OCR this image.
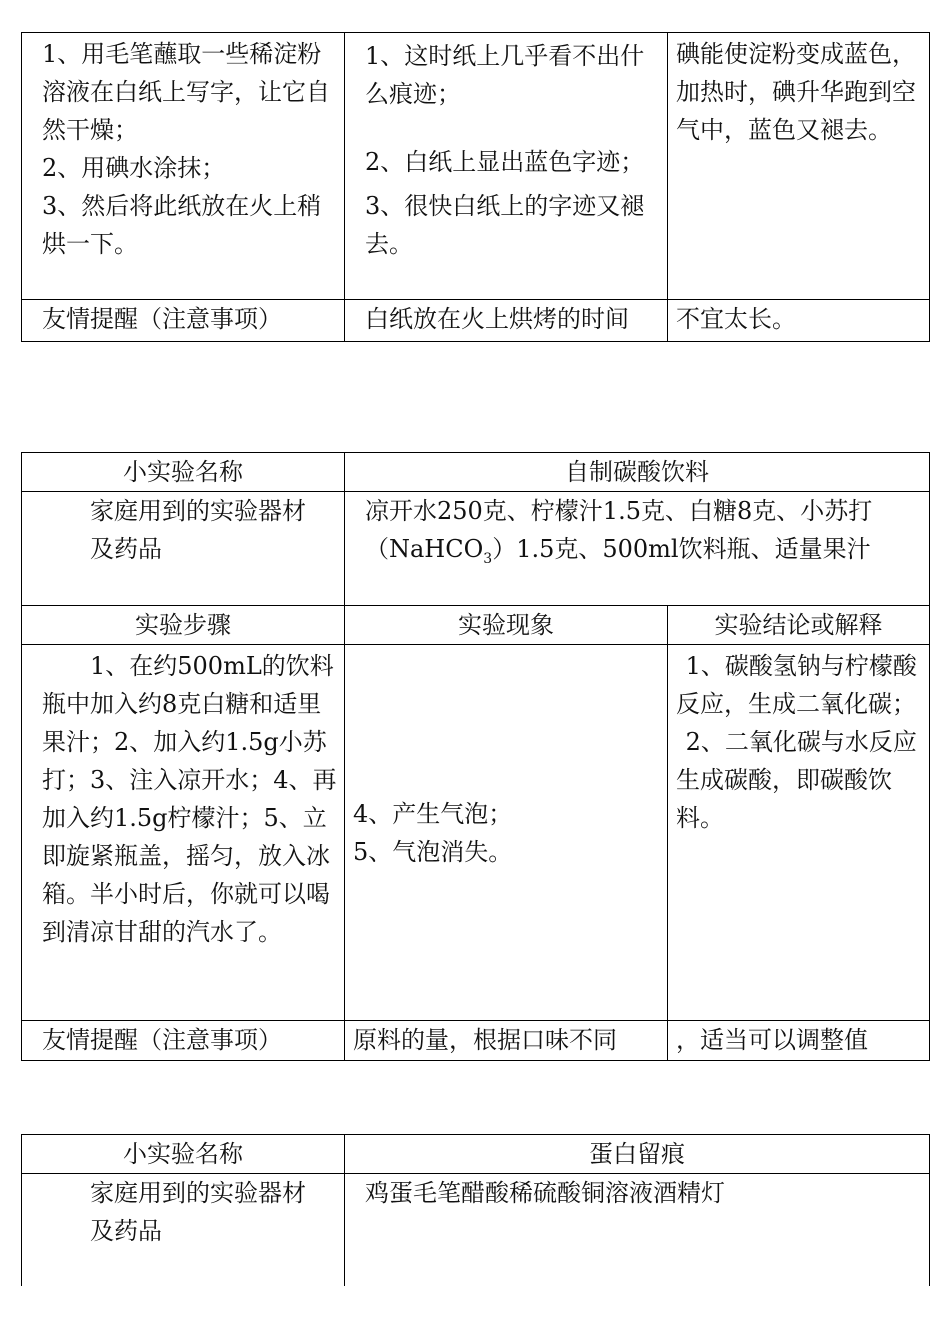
1、用毛笔蘸取一些稀淀粉溶液在白纸上写字，让它自然干燥；
2、用碘水涂抹；
3、然后将此纸放在火上稍烘一下。	1、这时纸上几乎看不出什么痕迹；
2、白纸上显出蓝色字迹；
3、很快白纸上的字迹又褪去。	碘能使淀粉变成蓝色，加热时，碘升华跑到空气中，蓝色又褪去。

友情提醒（注意事项）	白纸放在火上烘烤的时间	不宜太长。
小实验名称	自制碳酸饮料	

家庭用到的实验器材
及药品	凉开水250克、柠檬汁1.5克、白糖8克、小苏打（NaHCO$_3$）1.5克、500ml饮料瓶、适量果汁	

实验步骤	实验现象	实验结论或解释

1、在约500mL的饮料瓶中加入约8克白糖和适里果汁；2、加入约1.5g小苏打；3、注入凉开水；4、再加入约1.5g柠檬汁；5、立即旋紧瓶盖，摇匀，放入冰箱。半小时后，你就可以喝到清凉甘甜的汽水了。	4、产生气泡；
5、气泡消失。	1、碳酸氢钠与柠檬酸反应，生成二氧化碳；
2、二氧化碳与水反应生成碳酸，即碳酸饮料。

友情提醒（注意事项）	原料的量，根据口味不同	，适当可以调整值
小实验名称	蛋白留痕

家庭用到的实验器材
及药品	鸡蛋毛笔醋酸稀硫酸铜溶液酒精灯
